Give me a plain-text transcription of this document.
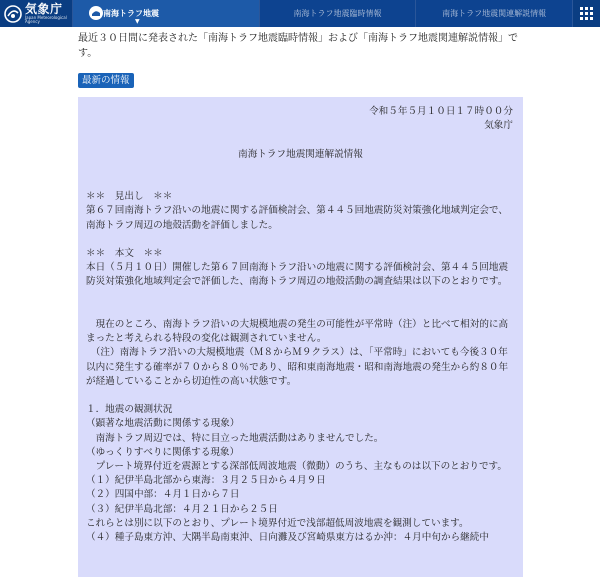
気象庁
Japan Meteorological Agency
南海トラフ地震
▼
南海トラフ地震臨時情報	南海トラフ地震関連解説情報
最近３０日間に発表された「南海トラフ地震臨時情報」および「南海トラフ地震関連解説情報」です。
最新の情報

令和５年５月１０日１７時００分

気象庁

南海トラフ地震関連解説情報

＊＊　見出し　＊＊

第６７回南海トラフ沿いの地震に関する評価検討会、第４４５回地震防災対策強化地域判定会で、南海トラフ周辺の地殻活動を評価しました。

＊＊　本文　＊＊

本日（５月１０日）開催した第６７回南海トラフ沿いの地震に関する評価検討会、第４４５回地震防災対策強化地域判定会で評価した、南海トラフ周辺の地殻活動の調査結果は以下のとおりです。

　現在のところ、南海トラフ沿いの大規模地震の発生の可能性が平常時（注）と比べて相対的に高まったと考えられる特段の変化は観測されていません。

　（注）南海トラフ沿いの大規模地震（Ｍ８からＭ９クラス）は、「平常時」においても今後３０年以内に発生する確率が７０から８０％であり、昭和東南海地震・昭和南海地震の発生から約８０年が経過していることから切迫性の高い状態です。

１．地震の観測状況

（顕著な地震活動に関係する現象）

　南海トラフ周辺では、特に目立った地震活動はありませんでした。

（ゆっくりすべりに関係する現象）

　プレート境界付近を震源とする深部低周波地震（微動）のうち、主なものは以下のとおりです。

（１）紀伊半島北部から東海：３月２５日から４月９日

（２）四国中部：４月１日から７日

（３）紀伊半島北部：４月２１日から２５日

これらとは別に以下のとおり、プレート境界付近で浅部超低周波地震を観測しています。

（４）種子島東方沖、大隅半島南東沖、日向灘及び宮崎県東方はるか沖：４月中旬から継続中
